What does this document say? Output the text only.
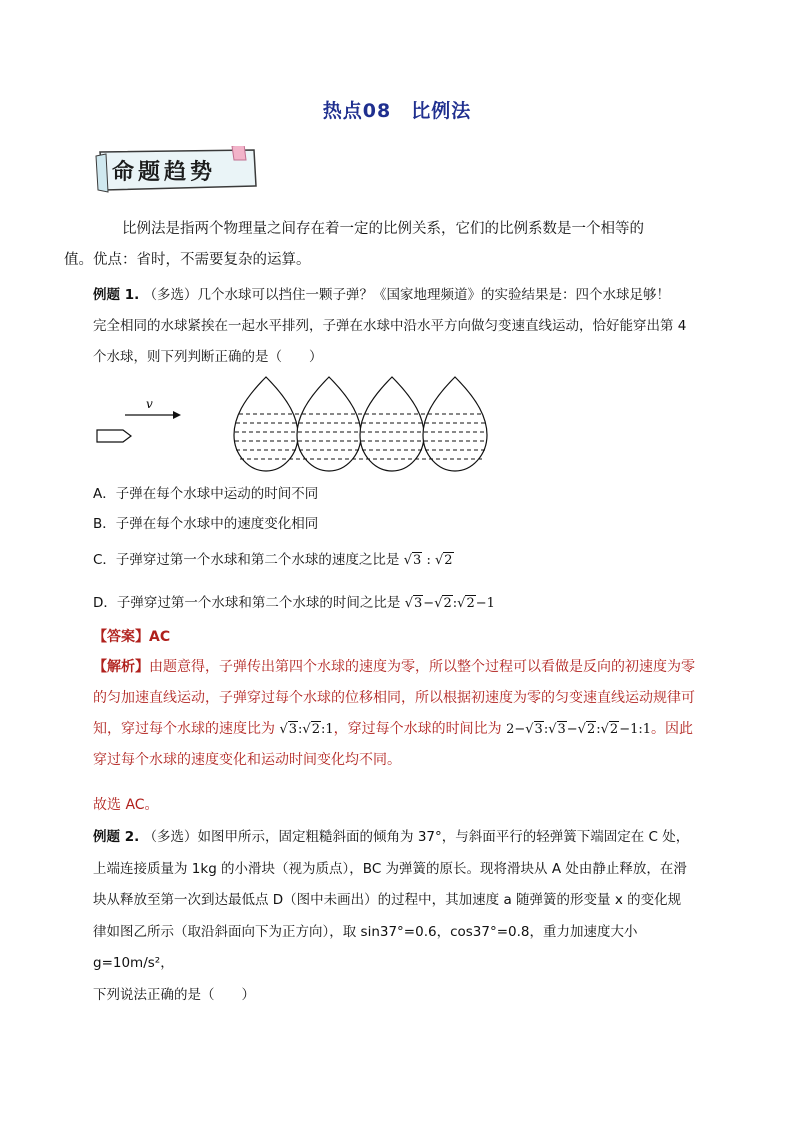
热点08　比例法
命题趋势
比例法是指两个物理量之间存在着一定的比例关系，它们的比例系数是一个相等的
值。优点：省时，不需要复杂的运算。
例题 1. （多选）几个水球可以挡住一颗子弹？《国家地理频道》的实验结果是：四个水球足够！
完全相同的水球紧挨在一起水平排列，子弹在水球中沿水平方向做匀变速直线运动，恰好能穿出第 4
个水球，则下列判断正确的是（　　）
v
A．子弹在每个水球中运动的时间不同
B．子弹在每个水球中的速度变化相同
C．子弹穿过第一个水球和第二个水球的速度之比是 √3 : √2
D．子弹穿过第一个水球和第二个水球的时间之比是 √3−√2:√2−1
【答案】AC
【解析】由题意得，子弹传出第四个水球的速度为零，所以整个过程可以看做是反向的初速度为零
的匀加速直线运动，子弹穿过每个水球的位移相同，所以根据初速度为零的匀变速直线运动规律可
知，穿过每个水球的速度比为 √3:√2:1，穿过每个水球的时间比为 2−√3:√3−√2:√2−1:1。因此
穿过每个水球的速度变化和运动时间变化均不同。
故选 AC。
例题 2. （多选）如图甲所示，固定粗糙斜面的倾角为 37°，与斜面平行的轻弹簧下端固定在 C 处，
上端连接质量为 1kg 的小滑块（视为质点），BC 为弹簧的原长。现将滑块从 A 处由静止释放，在滑
块从释放至第一次到达最低点 D（图中未画出）的过程中，其加速度 a 随弹簧的形变量 x 的变化规
律如图乙所示（取沿斜面向下为正方向），取 sin37°=0.6，cos37°=0.8，重力加速度大小 g=10m/s²，
下列说法正确的是（　　）
